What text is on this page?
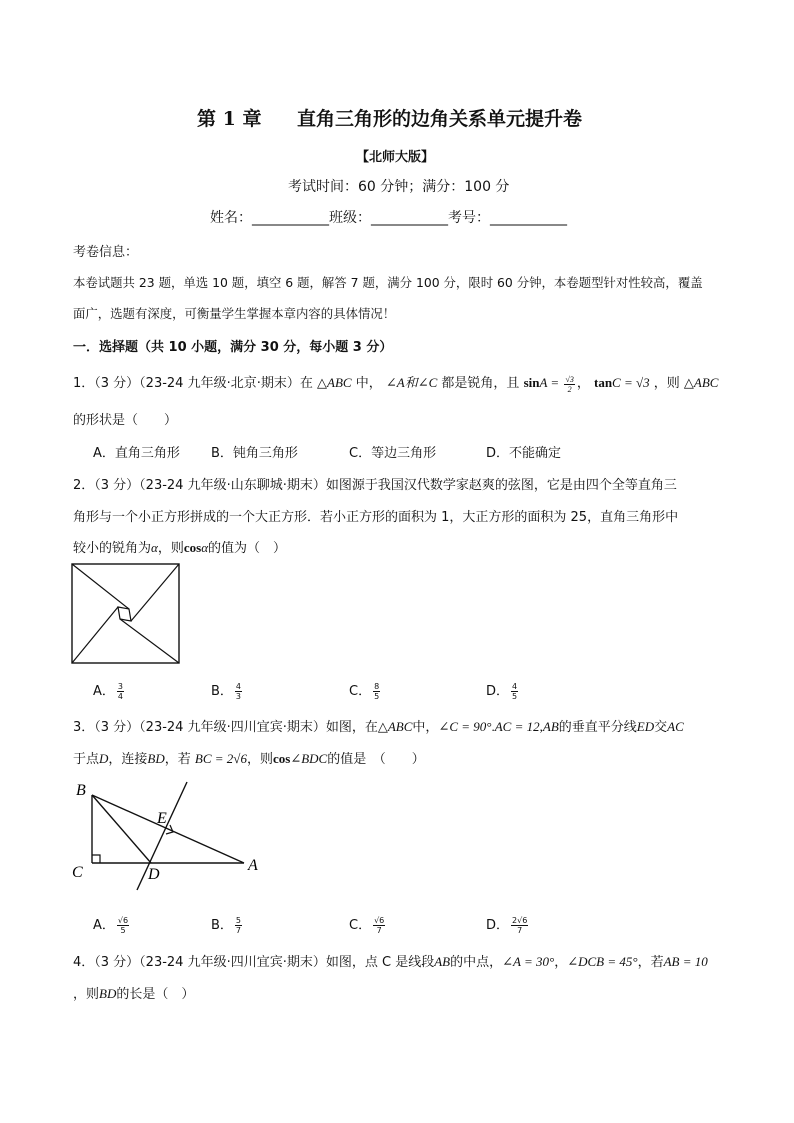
第 1 章 直角三角形的边角关系单元提升卷
【北师大版】
考试时间：60 分钟；满分：100 分
姓名：___________班级：___________考号：___________
考卷信息：
本卷试题共 23 题，单选 10 题，填空 6 题，解答 7 题，满分 100 分，限时 60 分钟，本卷题型针对性较高，覆盖
面广，选题有深度，可衡量学生掌握本章内容的具体情况！
一．选择题（共 10 小题，满分 30 分，每小题 3 分）
1．（3 分）（23-24 九年级·北京·期末）在 △ABC 中， ∠A和∠C 都是锐角，且 $\sin A = \frac{√3}{2}$ ， tanC = √3 ，则 △ABC
的形状是（　　）
A．直角三角形 B．钝角三角形	C．等边三角形	D．不能确定
2．（3 分）（23-24 九年级·山东聊城·期末）如图源于我国汉代数学家赵爽的弦图，它是由四个全等直角三
角形与一个小正方形拼成的一个大正方形．若小正方形的面积为 1，大正方形的面积为 25，直角三角形中
较小的锐角为α，则cosα的值为（　）
A． $\frac{3}{4}$	B． $\frac{4}{3}$	C． $\frac{8}{5}$	D． $\frac{4}{5}$
3．（3 分）（23-24 九年级·四川宜宾·期末）如图，在△ABC中，∠C = 90°.AC = 12,AB的垂直平分线ED交AC
于点D，连接BD，若 BC = 2√6，则cos∠BDC的值是　（　　）
B
E
C	D
A
A． $\frac{√6}{5}$	B． $\frac{5}{7}$	C． $\frac{√6}{7}$	D． $\frac{2√6}{7}$
4．（3 分）（23-24 九年级·四川宜宾·期末）如图，点 C 是线段AB的中点，∠A = 30°，∠DCB = 45°，若AB = 10
，则BD的长是（　）
